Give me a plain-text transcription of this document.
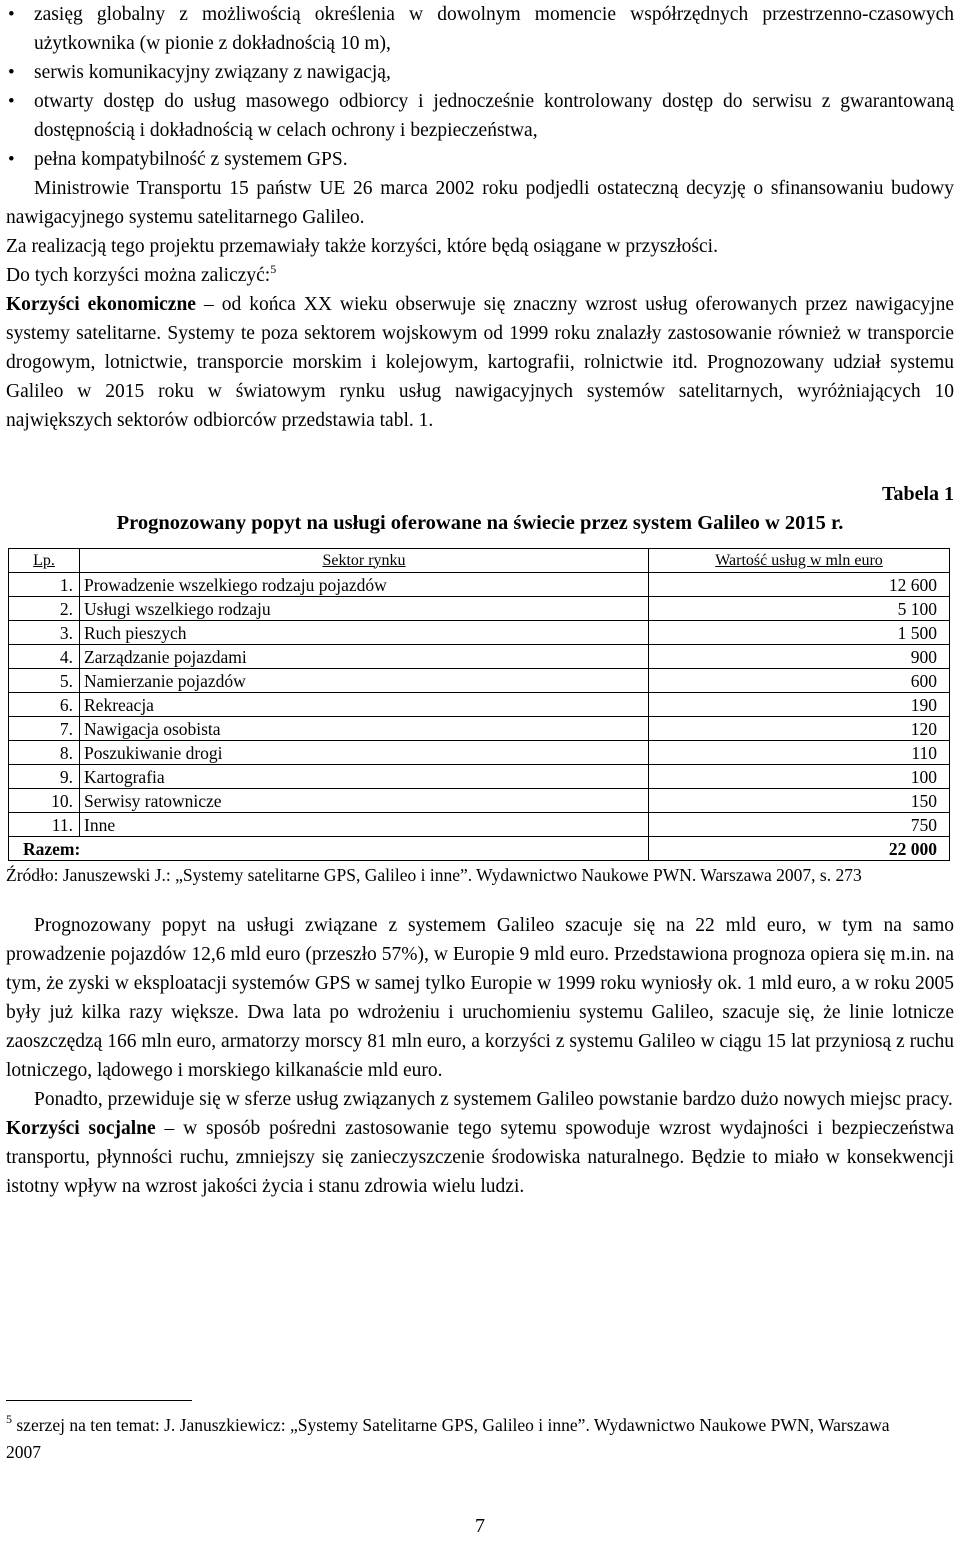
• zasięg globalny z możliwością określenia w dowolnym momencie współrzędnych przestrzenno-czasowych użytkownika (w pionie z dokładnością 10 m),
• serwis komunikacyjny związany z nawigacją,
• otwarty dostęp do usług masowego odbiorcy i jednocześnie kontrolowany dostęp do serwisu z gwarantowaną dostępnością i dokładnością w celach ochrony i bezpieczeństwa,
• pełna kompatybilność z systemem GPS.

Ministrowie Transportu 15 państw UE 26 marca 2002 roku podjedli ostateczną decyzję o sfinansowaniu budowy nawigacyjnego systemu satelitarnego Galileo.

Za realizacją tego projektu przemawiały także korzyści, które będą osiągane w przyszłości.

Do tych korzyści można zaliczyć:$^5$

Korzyści ekonomiczne – od końca XX wieku obserwuje się znaczny wzrost usług oferowanych przez nawigacyjne systemy satelitarne. Systemy te poza sektorem wojskowym od 1999 roku znalazły zastosowanie również w transporcie drogowym, lotnictwie, transporcie morskim i kolejowym, kartografii, rolnictwie itd. Prognozowany udział systemu Galileo w 2015 roku w światowym rynku usług nawigacyjnych systemów satelitarnych, wyróżniających 10 największych sektorów odbiorców przedstawia tabl. 1.

Tabela 1
Prognozowany popyt na usługi oferowane na świecie przez system Galileo w 2015 r.
Lp.	Sektor rynku	Wartość usług w mln euro
1.	Prowadzenie wszelkiego rodzaju pojazdów	12 600
2.	Usługi wszelkiego rodzaju	5 100
3.	Ruch pieszych	1 500
4.	Zarządzanie pojazdami	900
5.	Namierzanie pojazdów	600
6.	Rekreacja	190
7.	Nawigacja osobista	120
8.	Poszukiwanie drogi	110
9.	Kartografia	100
10.	Serwisy ratownicze	150
11.	Inne	750
Razem:		22 000

Źródło: Januszewski J.: „Systemy satelitarne GPS, Galileo i inne”. Wydawnictwo Naukowe PWN. Warszawa 2007, s. 273

Prognozowany popyt na usługi związane z systemem Galileo szacuje się na 22 mld euro, w tym na samo prowadzenie pojazdów 12,6 mld euro (przeszło 57%), w Europie 9 mld euro. Przedstawiona prognoza opiera się m.in. na tym, że zyski w eksploatacji systemów GPS w samej tylko Europie w 1999 roku wyniosły ok. 1 mld euro, a w roku 2005 były już kilka razy większe. Dwa lata po wdrożeniu i uruchomieniu systemu Galileo, szacuje się, że linie lotnicze zaoszczędzą 166 mln euro, armatorzy morscy 81 mln euro, a korzyści z systemu Galileo w ciągu 15 lat przyniosą z ruchu lotniczego, lądowego i morskiego kilkanaście mld euro.

Ponadto, przewiduje się w sferze usług związanych z systemem Galileo powstanie bardzo dużo nowych miejsc pracy.

Korzyści socjalne – w sposób pośredni zastosowanie tego sytemu spowoduje wzrost wydajności i bezpieczeństwa transportu, płynności ruchu, zmniejszy się zanieczyszczenie środowiska naturalnego. Będzie to miało w konsekwencji istotny wpływ na wzrost jakości życia i stanu zdrowia wielu ludzi.

$^5$ szerzej na ten temat: J. Januszkiewicz: „Systemy Satelitarne GPS, Galileo i inne”. Wydawnictwo Naukowe PWN, Warszawa 2007
7
